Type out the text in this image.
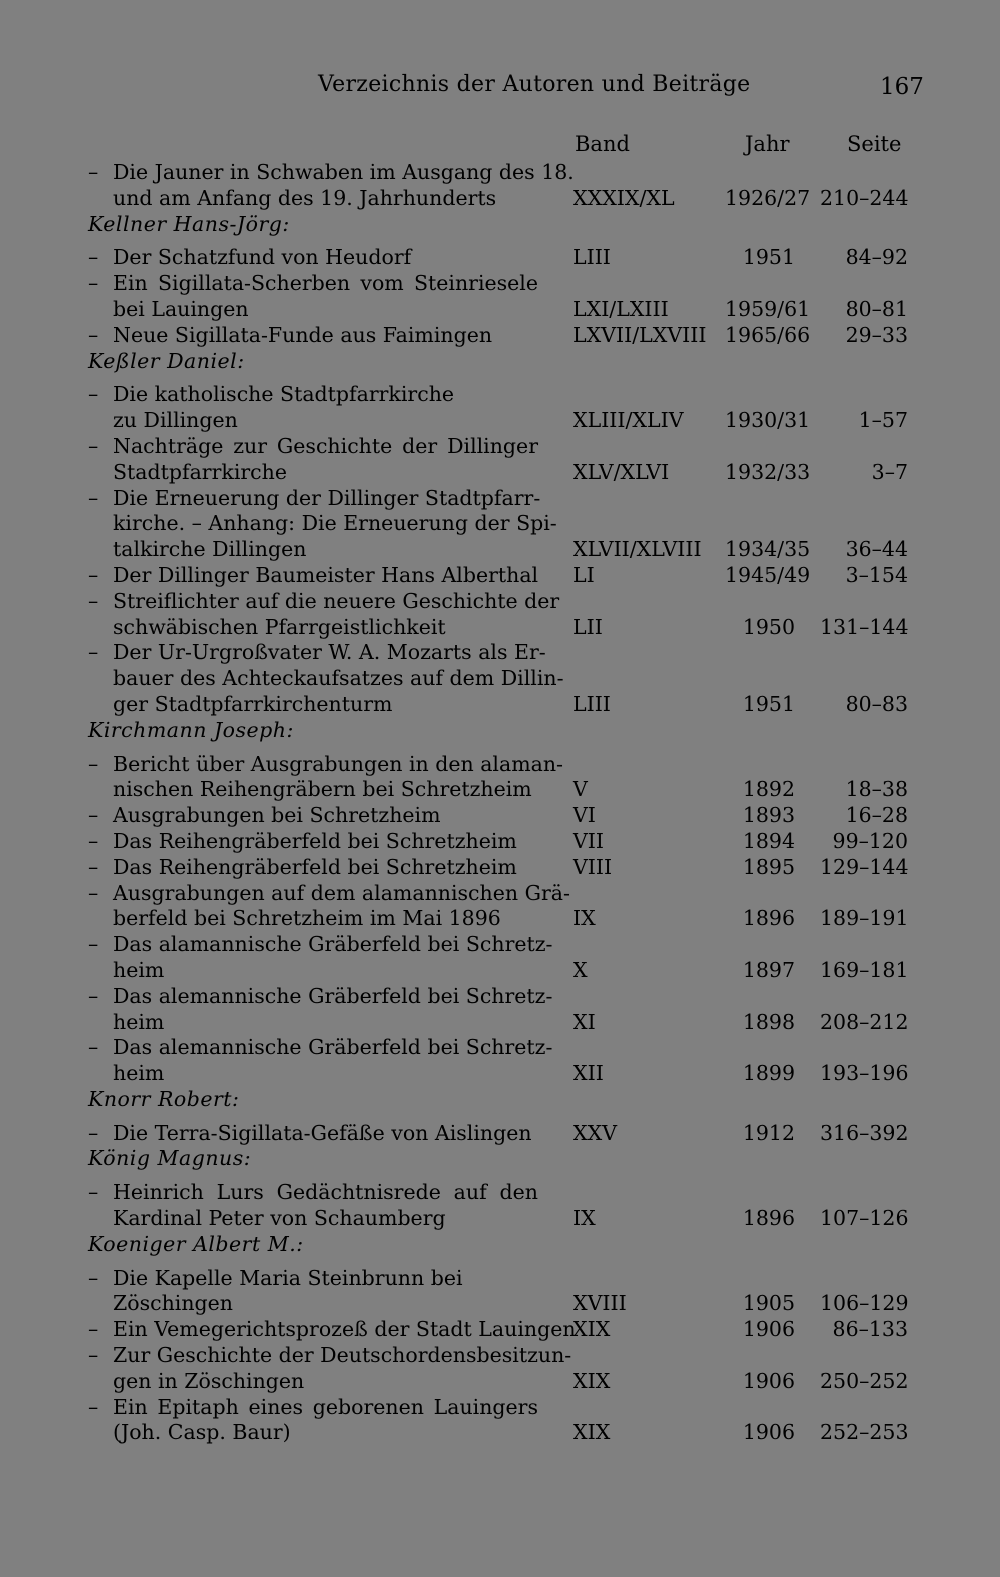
Verzeichnis der Autoren und Beiträge	167
Band	Jahr	Seite
– Die Jauner in Schwaben im Ausgang des 18.
und am Anfang des 19. Jahrhunderts	XXXIX/XL 1926/27 210–244
Kellner Hans-Jörg:
– Der Schatzfund von Heudorf	LIII	1951	84–92
– Ein Sigillata-Scherben vom Steinriesele
bei Lauingen	LXI/LXIII	1959/61	80–81
– Neue Sigillata-Funde aus Faimingen	LXVII/LXVIII 1965/66	29–33
Keßler Daniel:
– Die katholische Stadtpfarrkirche
zu Dillingen	XLIII/XLIV 1930/31	1–57
– Nachträge zur Geschichte der Dillinger
Stadtpfarrkirche	XLV/XLVI	1932/33	3–7
– Die Erneuerung der Dillinger Stadtpfarr-
kirche. – Anhang: Die Erneuerung der Spi-
talkirche Dillingen	XLVII/XLVIII 1934/35	36–44
– Der Dillinger Baumeister Hans Alberthal	LI	1945/49	3–154
– Streiflichter auf die neuere Geschichte der
schwäbischen Pfarrgeistlichkeit	LII	1950 131–144
– Der Ur-Urgroßvater W. A. Mozarts als Er-
bauer des Achteckaufsatzes auf dem Dillin-
ger Stadtpfarrkirchenturm	LIII	1951	80–83
Kirchmann Joseph:
– Bericht über Ausgrabungen in den alaman-
nischen Reihengräbern bei Schretzheim	V	1892	18–38
– Ausgrabungen bei Schretzheim	VI	1893	16–28
– Das Reihengräberfeld bei Schretzheim	VII	1894	99–120
– Das Reihengräberfeld bei Schretzheim	VIII	1895 129–144
– Ausgrabungen auf dem alamannischen Grä-
berfeld bei Schretzheim im Mai 1896	IX	1896 189–191
– Das alamannische Gräberfeld bei Schretz-
heim	X	1897 169–181
– Das alemannische Gräberfeld bei Schretz-
heim	XI	1898 208–212
– Das alemannische Gräberfeld bei Schretz-
heim	XII	1899 193–196
Knorr Robert:
– Die Terra-Sigillata-Gefäße von Aislingen	XXV	1912 316–392
König Magnus:
– Heinrich Lurs Gedächtnisrede auf den
Kardinal Peter von Schaumberg	IX	1896 107–126
Koeniger Albert M.:
– Die Kapelle Maria Steinbrunn bei
Zöschingen	XVIII	1905 106–129
– Ein Vemegerichtsprozeß der Stadt Lauingen
XIX	1906	86–133
– Zur Geschichte der Deutschordensbesitzun-
gen in Zöschingen	XIX	1906 250–252
– Ein Epitaph eines geborenen Lauingers
(Joh. Casp. Baur)	XIX	1906 252–253
